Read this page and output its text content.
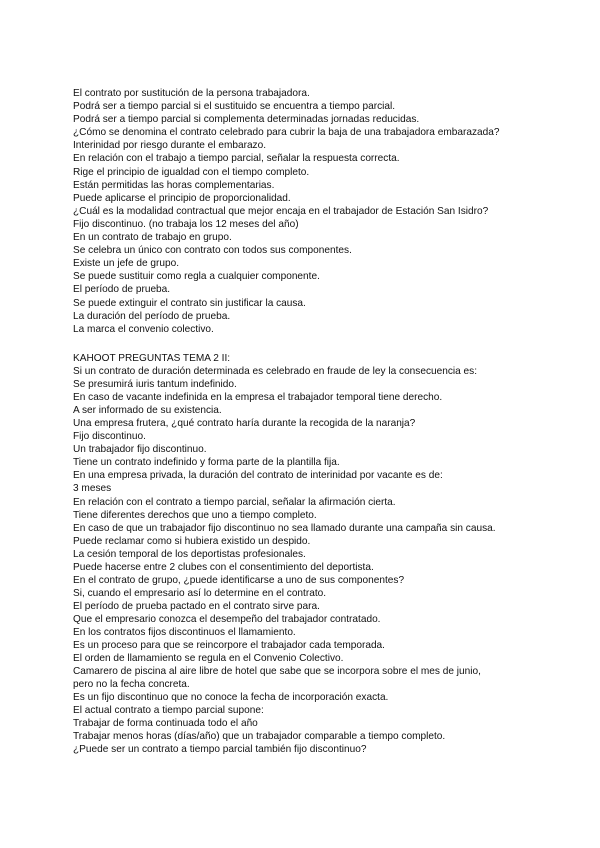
El contrato por sustitución de la persona trabajadora.

Podrá ser a tiempo parcial si el sustituido se encuentra a tiempo parcial.

Podrá ser a tiempo parcial si complementa determinadas jornadas reducidas.

¿Cómo se denomina el contrato celebrado para cubrir la baja de una trabajadora embarazada?

Interinidad por riesgo durante el embarazo.

En relación con el trabajo a tiempo parcial, señalar la respuesta correcta.

Rige el principio de igualdad con el tiempo completo.

Están permitidas las horas complementarias.

Puede aplicarse el principio de proporcionalidad.

¿Cuál es la modalidad contractual que mejor encaja en el trabajador de Estación San Isidro?

Fijo discontinuo. (no trabaja los 12 meses del año)

En un contrato de trabajo en grupo.

Se celebra un único con contrato con todos sus componentes.

Existe un jefe de grupo.

Se puede sustituir como regla a cualquier componente.

El período de prueba.

Se puede extinguir el contrato sin justificar la causa.

La duración del período de prueba.

La marca el convenio colectivo.

KAHOOT PREGUNTAS TEMA 2 II:

Si un contrato de duración determinada es celebrado en fraude de ley la consecuencia es:

Se presumirá iuris tantum indefinido.

En caso de vacante indefinida en la empresa el trabajador temporal tiene derecho.

A ser informado de su existencia.

Una empresa frutera, ¿qué contrato haría durante la recogida de la naranja?

Fijo discontinuo.

Un trabajador fijo discontinuo.

Tiene un contrato indefinido y forma parte de la plantilla fija.

En una empresa privada, la duración del contrato de interinidad por vacante es de:

3 meses

En relación con el contrato a tiempo parcial, señalar la afirmación cierta.

Tiene diferentes derechos que uno a tiempo completo.

En caso de que un trabajador fijo discontinuo no sea llamado durante una campaña sin causa.

Puede reclamar como si hubiera existido un despido.

La cesión temporal de los deportistas profesionales.

Puede hacerse entre 2 clubes con el consentimiento del deportista.

En el contrato de grupo, ¿puede identificarse a uno de sus componentes?

Si, cuando el empresario así lo determine en el contrato.

El período de prueba pactado en el contrato sirve para.

Que el empresario conozca el desempeño del trabajador contratado.

En los contratos fijos discontinuos el llamamiento.

Es un proceso para que se reincorpore el trabajador cada temporada.

El orden de llamamiento se regula en el Convenio Colectivo.

Camarero de piscina al aire libre de hotel que sabe que se incorpora sobre el mes de junio,

pero no la fecha concreta.

Es un fijo discontinuo que no conoce la fecha de incorporación exacta.

El actual contrato a tiempo parcial supone:

Trabajar de forma continuada todo el año

Trabajar menos horas (días/año) que un trabajador comparable a tiempo completo.

¿Puede ser un contrato a tiempo parcial también fijo discontinuo?
